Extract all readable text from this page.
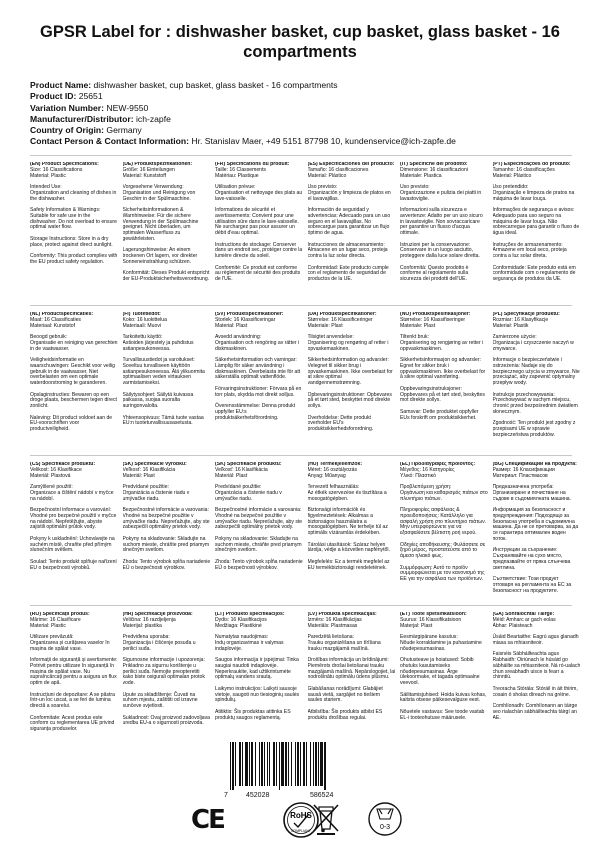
GPSR Label for : dishwasher basket, cup basket, glass basket - 16 compartments
Product Name: dishwasher basket, cup basket, glass basket - 16 compartments
Product ID: 25651
Variation Number: NEW-9550
Manufacturer/Distributor: ich-zapfe
Country of Origin: Germany
Contact Person & Contact Information: Hr. Stanislav Maer, +49 5151 87798 10, kundenservice@ich-zapfe.de

(EN) Product Specifications:

Size: 16 Classifications
Material: Plastic

Intended Use:
Organization and cleaning of dishes in the dishwasher.

Safety Information & Warnings: Suitable for safe use in the dishwasher. Do not overload to ensure optimal water flow.

Storage Instructions: Store in a dry place, protect against direct sunlight.

Conformity: This product complies with the EU product safety regulation.

(DE) Produktspezifikationen:

Größe: 16 Einteilungen
Material: Kunststoff

Vorgesehene Verwendung: Organisation und Reinigung von Geschirr in der Spülmaschine.

Sicherheitsinformationen & Warnhinweise: Für die sichere Verwendung in der Spülmaschine geeignet. Nicht überladen, um optimalen Wasserfluss zu gewährleisten.

Lagerungshinweise: An einem trockenen Ort lagern, vor direkter Sonneneinstrahlung schützen.

Konformität: Dieses Produkt entspricht der EU-Produktsicherheitsverordnung.

(FR) Spécifications du produit:

Taille: 16 Classements
Matériau: Plastique

Utilisation prévue:
Organisation et nettoyage des plats au lave-vaisselle.

Informations de sécurité et avertissements: Convient pour une utilisation sûre dans le lave-vaisselle. Ne surchargez pas pour assurer un débit d'eau optimal.

Instructions de stockage: Conserver dans un endroit sec, protéger contre la lumière directe du soleil.

Conformité: Ce produit est conforme au règlement de sécurité des produits de l'UE.

(ES) Especificaciones del producto:

Tamaño: 16 clasificaciones
Material: Plástico

Uso previsto:
Organización y limpieza de platos en el lavavajillas.

Información de seguridad y advertencias: Adecuado para un uso seguro en el lavavajillas. No sobrecargue para garantizar un flujo óptimo de agua.

Instrucciones de almacenamiento: Almacene en un lugar seco, proteja contra la luz solar directa.

Conformidad: Este producto cumple con el reglamento de seguridad de productos de la UE.

(IT) Specifiche del prodotto:

Dimensione: 16 classificazioni
Materiale: Plastica

Uso previsto:
Organizzazione e pulizia dei piatti in lavastoviglie.

Informazioni sulla sicurezza e avvertenze: Adatto per un uso sicuro in lavastoviglie. Non sovraccaricare per garantire un flusso d'acqua ottimale.

Istruzioni per la conservazione: Conservare in un luogo asciutto, proteggere dalla luce solare diretta.

Conformità: Questo prodotto è conforme al regolamento sulla sicurezza dei prodotti dell'UE.

(PT) Especificações do produto:

Tamanho: 16 classificações
Material: Plástico

Uso pretendido:
Organização e limpeza de pratos na máquina de lavar louça.

Informações de segurança e avisos: Adequado para uso seguro na máquina de lavar louça. Não sobrecarregue para garantir o fluxo de água ideal.

Instruções de armazenamento: Armazene em local seco, proteja contra a luz solar direta.

Conformidade: Este produto está em conformidade com o regulamento de segurança de produtos da UE.

(NL) Productspecificaties:

Maat: 16 Classificaties
Materiaal: Kunststof

Beoogd gebruik:
Organisatie en reiniging van gerechten in de vaatwasser.

Veiligheidsinformatie en waarschuwingen: Geschikt voor veilig gebruik in de vaatwasser. Niet overbelasten om een optimale waterdoorstroming te garanderen.

Opslaginstructies: Bewaren op een droge plaats, beschermen tegen direct zonlicht.

Naleving: Dit product voldoet aan de EU-voorschriften voor productveiligheid.

(FI) Tuotetiedot:

Koko: 16 luokittelua
Materiaali: Muovi

Tarkoitettu käyttö:
Astioiden järjestely ja puhdistus astianpesukoneessa.

Turvallisuustiedot ja varoitukset: Soveltuu turvalliseen käyttöön astianpesukoneessa. Älä ylikuormita optimaalisen veden virtauksen varmistamiseksi.

Säilytysohjeet: Säilytä kuivassa paikassa, suojaa suoralta auringonvalolta.

Yhteensopivuus: Tämä tuote vastaa EU:n tuoteturvallisuusasetusta.

(SV) Produktspecifikationer:

Storlek: 16 Klassificeringar
Material: Plast

Avsedd användning:
Organisation och rengöring av rätter i diskmaskinen.

Säkerhetsinformation och varningar: Lämplig för säker användning i diskmaskinen. Överbelasta inte för att säkerställa optimalt vattenflöde.

Förvaringsinstruktioner: Förvara på en torr plats, skydda mot direkt solljus.

Överensstämmelse: Denna produkt uppfyller EU:s produktsäkerhetsförordning.

(DA) Produktspecifikationer:

Størrelse: 16 Klassificeringer
Materiale: Plast

Tilsigtet anvendelse:
Organisering og rengøring af retter i opvaskemaskinen.

Sikkerhedsinformation og advarsler: Velegnet til sikker brug i opvaskemaskinen. Ikke overbelast for at sikre optimal vandgennemstrømning.

Opbevaringsinstruktioner: Opbevares på et tørt sted, beskyttet mod direkte sollys.

Overholdelse: Dette produkt overholder EU's produktsikkerhedsforordning.

(NO) Produktspesifikasjoner:

Størrelse: 16 Klassifiseringer
Materiale: Plast

Tiltenkt bruk:
Organisering og rengjøring av retter i oppvaskmaskinen.

Sikkerhetsinformasjon og advarsler: Egnet for sikker bruk i oppvaskmaskinen. Ikke overbelast for å sikre optimal vannføring.

Oppbevaringsinstruksjoner: Oppbevares på et tørt sted, beskyttes mot direkte sollys.

Samsvar: Dette produktet oppfyller EUs forskrift om produktsikkerhet.

(PL) Specyfikacje produktu:

Rozmiar: 16 Klasyfikacje
Materiał: Plastik

Zamierzone użycie:
Organizacja i czyszczenie naczyń w zmywarce.

Informacje o bezpieczeństwie i ostrzeżenia: Nadaje się do bezpiecznego użycia w zmywarce. Nie przeciążać, aby zapewnić optymalny przepływ wody.

Instrukcje przechowywania: Przechowywać w suchym miejscu, chronić przed bezpośrednim światłem słonecznym.

Zgodność: Ten produkt jest zgodny z przepisami UE w sprawie bezpieczeństwa produktów.

(CS) Specifikace produktu:

Velikost: 16 Klasifikace
Materiál: Plastová

Zamýšlené použití:
Organizace a čištění nádobí v myčce na nádobí.

Bezpečnostní informace a varování: Vhodné pro bezpečné použití v myčce na nádobí. Nepřetěžujte, abyste zajistili optimální průtok vody.

Pokyny k uskladnění: Uchovávejte na suchém místě, chraňte před přímým slunečním světlem.

Soulad: Tento produkt splňuje nařízení EU o bezpečnosti výrobků.

(SK) Špecifikácie výrobku:

Veľkosť: 16 Klasifikácia
Materiál: Plast

Predvídané použitie:
Organizácia a čistenie riadu v umývačke riadu.

Bezpečnostné informácie a varovania: Vhodné na bezpečné použitie v umývačke riadu. Nepreťažujte, aby ste zabezpečili optimálny prietok vody.

Pokyny na skladovanie: Skladujte na suchom mieste, chráňte pred priamym slnečným svetlom.

Zhoda: Tento výrobok spĺňa nariadenie EÚ o bezpečnosti výrobkov.

(SK) Špecifikácie produktu:

Veľkosť: 16 Klasifikácia
Materiál: Plast

Predvídané použitie:
Organizácia a čistenie riadu v umývačke riadu.

Bezpečnostné informácie a varovania: Vhodné na bezpečné použitie v umývačke riadu. Nepreťažujte, aby ste zabezpečili optimálny prietok vody.

Pokyny na skladovanie: Skladujte na suchom mieste, chráňte pred priamym slnečným svetlom.

Zhoda: Tento výrobok spĺňa nariadenie EÚ o bezpečnosti výrobkov.

(HU) Termékjellemzők:

Méret: 16 osztályozás
Anyag: Műanyag

Tervezett felhasználás:
Az étkék szervezése és tisztítása a mosogatógépben.

Biztonsági információk és figyelmeztetések: Alkalmas a biztonságos használatra a mosogatógépben. Ne terhelje túl az optimális vízáramlás érdekében.

Tárolási utasítások: Száraz helyen tárolja, védje a közvetlen napfénytől.

Megfelelés: Ez a termék megfelel az EU termékbiztonsági rendeletének.

(EL) Προδιαγραφές προϊόντος:

Μέγεθος: 16 Κατηγορίες
Υλικό: Πλαστικό

Προβλεπόμενη χρήση:
Οργάνωση και καθαρισμός πιάτων στο πλυντήριο πιάτων.

Πληροφορίες ασφάλειας & προειδοποιήσεις: Κατάλληλο για ασφαλή χρήση στο πλυντήριο πιάτων. Μην υπερφορτώνετε για να εξασφαλίσετε βέλτιστη ροή νερού.

Οδηγίες αποθήκευσης: Φυλάσσετε σε ξηρό μέρος, προστατεύστε από το άμεσο ηλιακό φως.

Συμμόρφωση: Αυτό το προϊόν συμμορφώνεται με τον κανονισμό της ΕΕ για την ασφάλεια των προϊόντων.

(BG) Спецификации на продукта:

Размер: 16 Класификации
Материал: Пластмасов

Предназначена употреба:
Организиране и почистване на съдове в съдомиялната машина.

Информация за безопасност и предупреждения: Подходящо за безопасна употреба в съдомиялна машина. Да не се претоварва, за да се гарантира оптимален воден поток.

Инструкции за съхранение: Съхранявайте на сухо място, предпазвайте от пряка слънчева светлина.

Съответствие: Този продукт отговаря на регламента на ЕС за безопасност на продуктите.

(RO) Specificații produs:

Mărime: 16 Clasificare
Material: Plastic

Utilizare prevăzută:
Organizarea și curățarea vaselor în mașina de spălat vase.

Informații de siguranță și avertismente: Potrivit pentru utilizare în siguranță în mașina de spălat vase. Nu supraîncărcați pentru a asigura un flux optim de apă.

Instrucțiuni de depozitare: A se păstra într-un loc uscat, a se feri de lumina directă a soarelui.

Conformitate: Acest produs este conform cu reglementarea UE privind siguranța produselor.

(HR) Specifikacije proizvoda:

Veličina: 16 razdjeljenja
Materijal: plastika

Predviđena uporaba:
Organizacija i čišćenje posuđa u perilici suđa.

Sigurnosne informacije i upozorenja: Prikladno za sigurnu korištenje u perilici suđa. Nemojte preopteretiti kako biste osigurali optimalan protok vode.

Upute za skladištenje: Čuvati na suhom mjestu, zaštititi od izravne sunčeve svjetlosti.

Sukladnost: Ovaj proizvod zadovoljava uredbu EU-a o sigurnosti proizvoda.

(LT) Produkto specifikacijos:

Dydis: 16 Klasifikacijos
Medžiaga: Plastikinė

Numatytas naudojimas:
Indų organizavimas ir valymas indaplovėje.

Saugos informacija ir įspėjimai: Tinka saugiai naudoti indaplovėje. Neperkraukite, kad užtikrintumėte optimalų vandens srautą.

Laikymo instrukcijos: Laikyti sausoje vietoje, saugoti nuo tiesioginių saulės spindulių.

Atitiktis: Šis produktas atitinka ES produktų saugos reglamentą.

(LV) Produkta specifikācijas:

Izmērs: 16 Klasifikācijas
Materiāls: Plastmasas

Paredzētā lietošana:
Trauku organizēšana un tīrīšana trauku mazgājamā mašīnā.

Drošības informācija un brīdinājumi: Piemērots drošai lietošanai trauku mazgājamā mašīnā. Nepārslogojiet, lai nodrošinātu optimālu ūdens plūsmu.

Glabāšanas norādījumi: Glabājiet sausā vietā, sargājiet no tiešiem saules stariem.

Atbilstība: Šis produkts atbilst ES produktu drošības regulai.

(ET) Toote spetsifikatsioon:

Suurus: 16 Klassifikatsioon
Materjal: Plast

Eesmärgipärane kasutus:
Nõude korraldamine ja puhastamine nõudepesumasinas.

Ohutusteave ja hoiatused: Sobib ohutuks kasutamiseks nõudepesumasinas. Ärge ülekoormake, et tagada optimaalne veevool.

Säilitamisjuhised: Hoida kuivas kohas, kaitsta otsese päikesevalguse eest.

Nõuetele vastavus: See toode vastab EL-i tooteohutuse määrusele.

(GA) Sonraíochtaí Táirge:

Méid: Amharc ar gach eolas
Ábhar: Plaisteach

Úsáid Beartaithe: Eagrú agus glanadh miasa sa mhiasniteoir.

Faisnéis Sábháilteachta agus Rabhaidh: Oiriúnach le húsáid go sábháilte sa mhiasniteoir. Ná ró-ualach chun sreabhadh uisce is fearr a chinntiú.

Treoracha Stórála: Stóráil in áit thirim, cosain ó sholas díreach na gréine.

Comhlíonadh: Comhlíonann an táirge seo rialachán sábháilteachta táirgí an AE.

7	452028	586524
CE	RoHS
COMPLIANT	0-3
